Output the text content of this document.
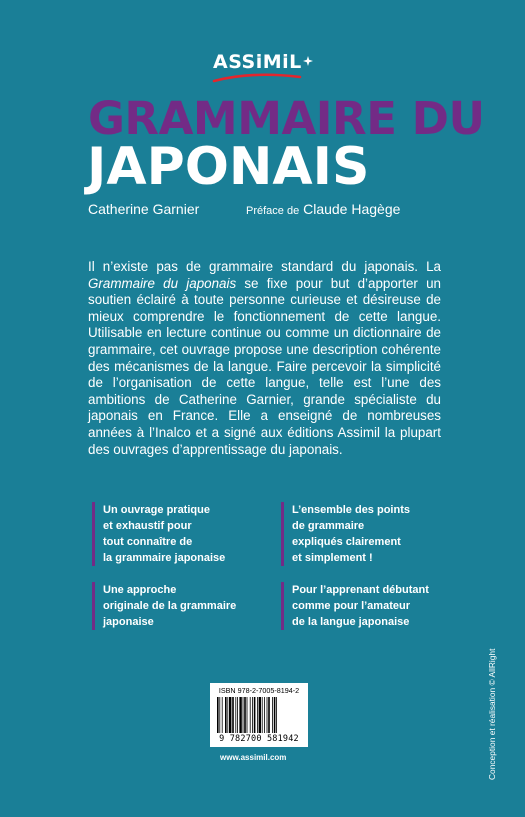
ASSiMiL
GRAMMAIRE DU
JAPONAIS
Catherine Garnier	Préface de Claude Hagège

Il n’existe pas de grammaire standard du japonais. La Grammaire du japonais se fixe pour but d’apporter un soutien éclairé à toute personne curieuse et désireuse de mieux comprendre le fonctionnement de cette langue. Utilisable en lecture continue ou comme un dictionnaire de grammaire, cet ouvrage propose une description cohérente des mécanismes de la langue. Faire percevoir la simplicité de l’organisation de cette langue, telle est l’une des ambitions de Catherine Garnier, grande spécialiste du japonais en France. Elle a enseigné de nombreuses années à l’Inalco et a signé aux éditions Assimil la plupart des ouvrages d’apprentissage du japonais.

Un ouvrage pratique
et exhaustif pour
tout connaître de
la grammaire japonaise
L’ensemble des points
de grammaire
expliqués clairement
et simplement !
Une approche
originale de la grammaire
japonaise
Pour l’apprenant débutant
comme pour l’amateur
de la langue japonaise
ISBN 978-2-7005-8194-2
9 782700 581942
www.assimil.com	Conception et réalisation © AllRight
